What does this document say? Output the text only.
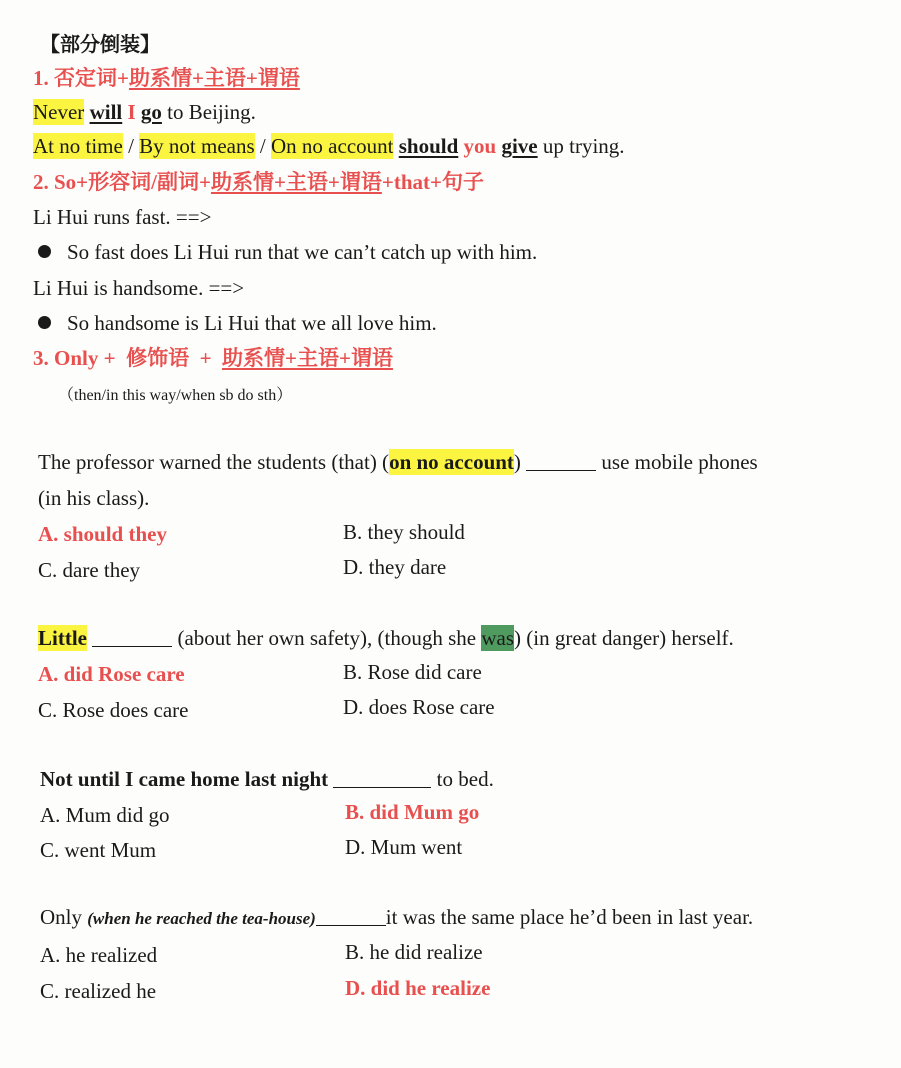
【部分倒装】
1. 否定词+助系情+主语+谓语
Never will I go to Beijing.
At no time / By not means / On no account should you give up trying.
2. So+形容词/副词+助系情+主语+谓语+that+句子
Li Hui runs fast. ==>
So fast does Li Hui run that we can’t catch up with him.
Li Hui is handsome. ==>
So handsome is Li Hui that we all love him.
3. Only +  修饰语  +  助系情+主语+谓语
（then/in this way/when sb do sth）
The professor warned the students (that) (on no account)	use mobile phones
(in his class).
A. should they	B. they should
C. dare they	D. they dare
Little	(about her own safety), (though she was) (in great danger) herself.
A. did Rose care	B. Rose did care
C. Rose does care	D. does Rose care
Not until I came home last night	to bed.
A. Mum did go	B. did Mum go
C. went Mum	D. Mum went
Only (when he reached the tea-house)	it was the same place he’d been in last year.
A. he realized	B. he did realize
C. realized he	D. did he realize
